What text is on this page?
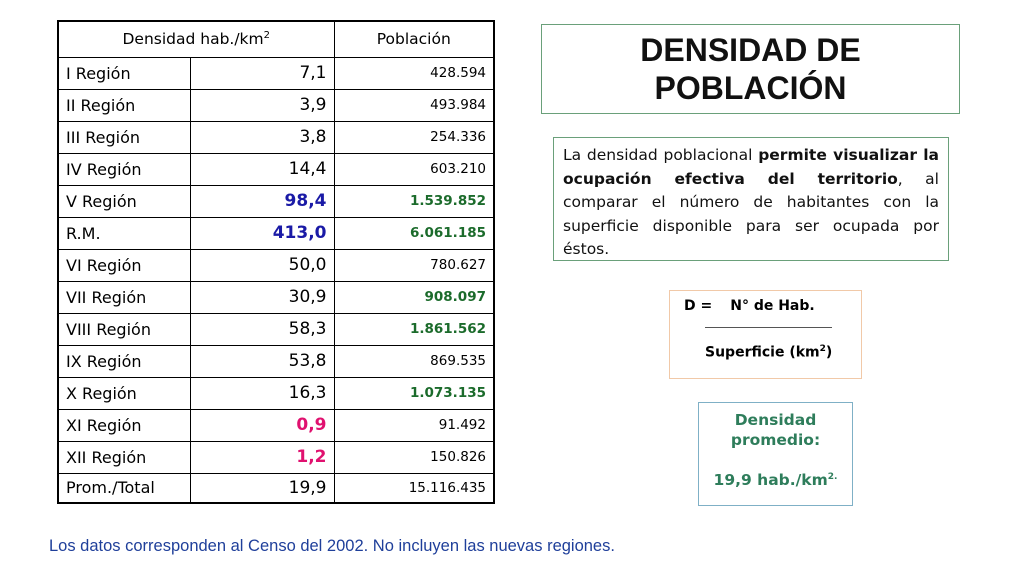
Densidad $hab./km^2$		Población
I Región	7,1	428.594
II Región	3,9	493.984
III Región	3,8	254.336
IV Región	14,4	603.210
V Región	98,4	1.539.852
R.M.	413,0	6.061.185
VI Región	50,0	780.627
VII Región	30,9	908.097
VIII Región	58,3	1.861.562
IX Región	53,8	869.535
X Región	16,3	1.073.135
XI Región	0,9	91.492
XII Región	1,2	150.826
Prom./Total	19,9	15.116.435
DENSIDAD DE
POBLACIÓN
La densidad poblacional permite visualizar la ocupación efectiva del territorio, al comparar el número de habitantes con la superficie disponible para ser ocupada por éstos.
D = N° de Hab.
Superficie $(km^2)$
Densidad
promedio:
19,9 $hab./km^{2.}$
Los datos corresponden al Censo del 2002. No incluyen las nuevas regiones.
